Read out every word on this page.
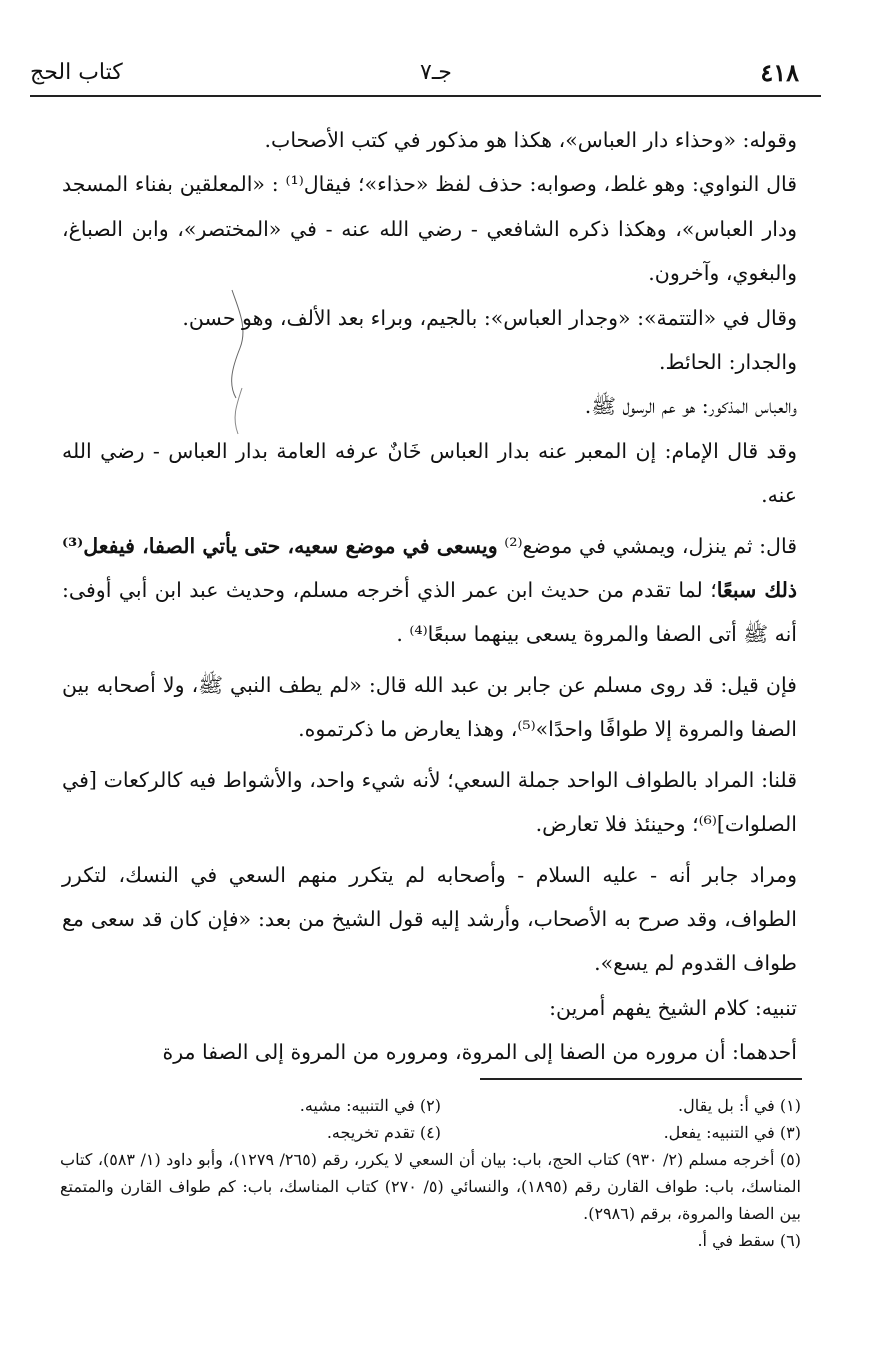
٤١٨
جـ٧
كتاب الحج

وقوله: «وحذاء دار العباس»، هكذا هو مذكور في كتب الأصحاب.

قال النواوي: وهو غلط، وصوابه: حذف لفظ «حذاء»؛ فيقال⁽¹⁾ : «المعلقين بفناء المسجد ودار العباس»، وهكذا ذكره الشافعي - رضي الله عنه - في «المختصر»، وابن الصباغ، والبغوي، وآخرون.

وقال في «التتمة»: «وجدار العباس»: بالجيم، وبراء بعد الألف، وهو حسن.

والجدار: الحائط.

والعباس المذكور: هو عم الرسول ﷺ.

وقد قال الإمام: إن المعبر عنه بدار العباس خَانٌ عرفه العامة بدار العباس - رضي الله عنه.

قال: ثم ينزل، ويمشي في موضع⁽²⁾ ويسعى في موضع سعيه، حتى يأتي الصفا، فيفعل⁽³⁾ ذلك سبعًا؛ لما تقدم من حديث ابن عمر الذي أخرجه مسلم، وحديث عبد ابن أبي أوفى: أنه ﷺ أتى الصفا والمروة يسعى بينهما سبعًا⁽⁴⁾ .

فإن قيل: قد روى مسلم عن جابر بن عبد الله قال: «لم يطف النبي ﷺ، ولا أصحابه بين الصفا والمروة إلا طوافًا واحدًا»⁽⁵⁾، وهذا يعارض ما ذكرتموه.

قلنا: المراد بالطواف الواحد جملة السعي؛ لأنه شيء واحد، والأشواط فيه كالركعات [في الصلوات]⁽⁶⁾؛ وحينئذ فلا تعارض.

ومراد جابر أنه - عليه السلام - وأصحابه لم يتكرر منهم السعي في النسك، لتكرر الطواف، وقد صرح به الأصحاب، وأرشد إليه قول الشيخ من بعد: «فإن كان قد سعى مع طواف القدوم لم يسع».

تنبيه: كلام الشيخ يفهم أمرين:

أحدهما: أن مروره من الصفا إلى المروة، ومروره من المروة إلى الصفا مرة

(١) في أ: بل يقال.
(٢) في التنبيه: مشيه.
(٣) في التنبيه: يفعل.
(٤) تقدم تخريجه.

(٥) أخرجه مسلم (٢/ ٩٣٠) كتاب الحج، باب: بيان أن السعي لا يكرر، رقم (٢٦٥/ ١٢٧٩)، وأبو داود (١/ ٥٨٣)، كتاب المناسك، باب: طواف القارن رقم (١٨٩٥)، والنسائي (٥/ ٢٧٠) كتاب المناسك، باب: كم طواف القارن والمتمتع بين الصفا والمروة، برقم (٢٩٨٦).

(٦) سقط في أ.
